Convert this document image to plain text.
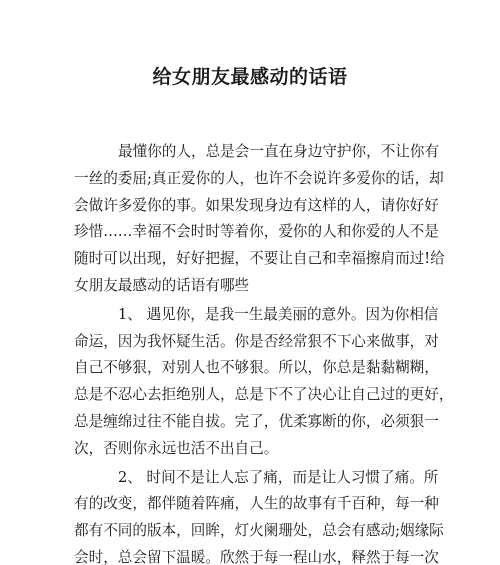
给女朋友最感动的话语
最懂你的人，总是会一直在身边守护你，不让你有
一丝的委屈;真正爱你的人，也许不会说许多爱你的话，却
会做许多爱你的事。如果发现身边有这样的人，请你好好
珍惜……幸福不会时时等着你，爱你的人和你爱的人不是
随时可以出现，好好把握，不要让自己和幸福擦肩而过!给
女朋友最感动的话语有哪些
1、 遇见你，是我一生最美丽的意外。因为你相信
命运，因为我怀疑生活。你是否经常狠不下心来做事，对
自己不够狠，对别人也不够狠。所以，你总是黏黏糊糊，
总是不忍心去拒绝别人，总是下不了决心让自己过的更好，
总是缠绵过往不能自拔。完了，优柔寡断的你，必须狠一
次，否则你永远也活不出自己。
2、 时间不是让人忘了痛，而是让人习惯了痛。所
有的改变，都伴随着阵痛，人生的故事有千百种，每一种
都有不同的版本，回眸，灯火阑珊处，总会有感动;姻缘际
会时，总会留下温暖。欣然于每一程山水，释然于每一次
